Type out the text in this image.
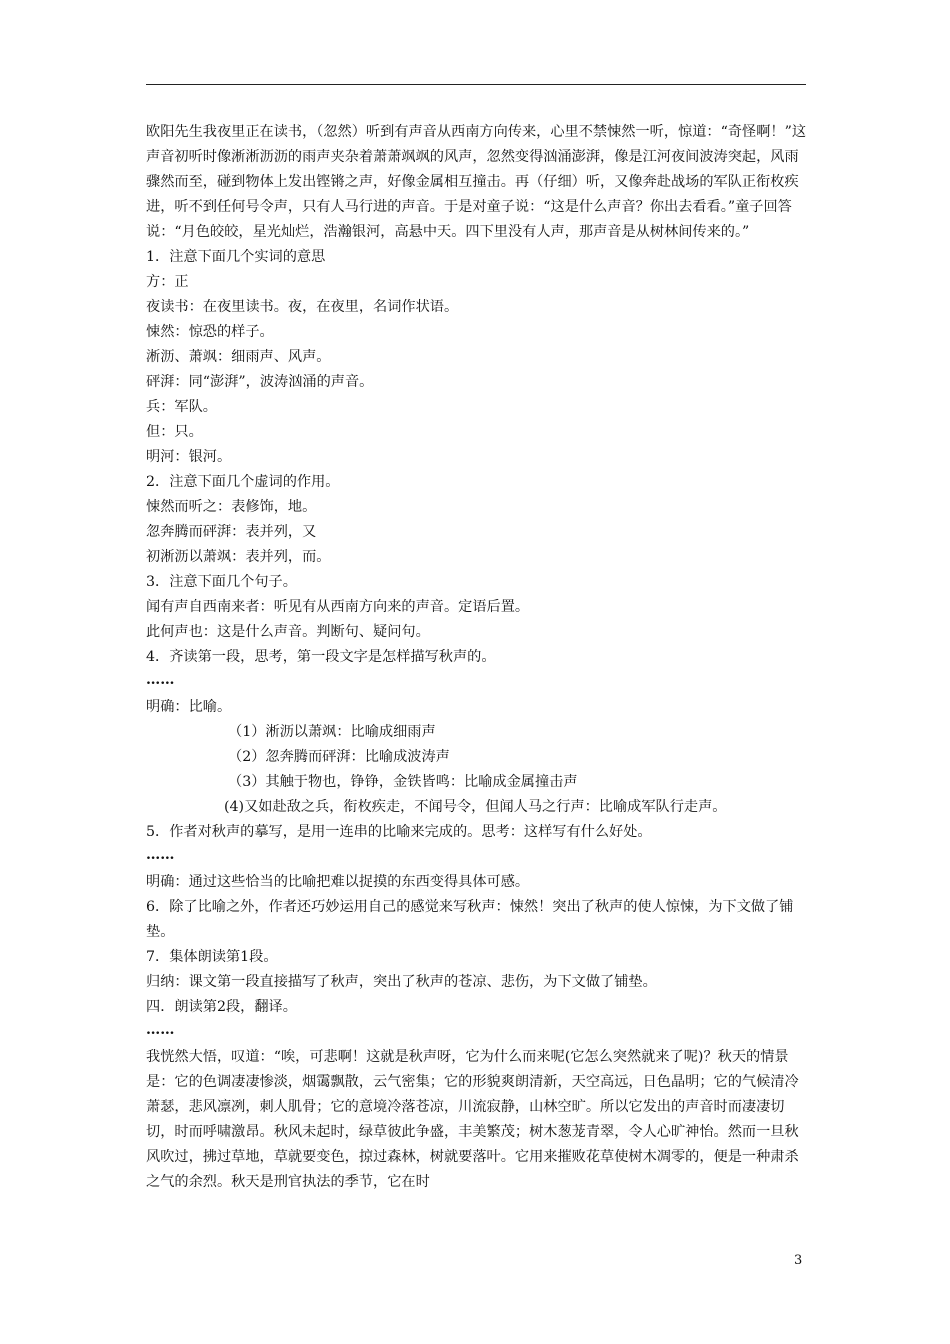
欧阳先生我夜里正在读书，（忽然）听到有声音从西南方向传来，心里不禁悚然一听，惊道：“奇怪啊！”这声音初听时像淅淅沥沥的雨声夹杂着萧萧飒飒的风声，忽然变得汹涌澎湃，像是江河夜间波涛突起，风雨骤然而至，碰到物体上发出铿锵之声，好像金属相互撞击。再（仔细）听，又像奔赴战场的军队正衔枚疾进，听不到任何号令声，只有人马行进的声音。于是对童子说：“这是什么声音？你出去看看。”童子回答说：“月色皎皎，星光灿烂，浩瀚银河，高悬中天。四下里没有人声，那声音是从树林间传来的。”

1．注意下面几个实词的意思

方：正

夜读书：在夜里读书。夜，在夜里，名词作状语。

悚然：惊恐的样子。

淅沥、萧飒：细雨声、风声。

砰湃：同“澎湃”，波涛汹涌的声音。

兵：军队。

但：只。

明河：银河。

2．注意下面几个虚词的作用。

悚然而听之：表修饰，地。

忽奔腾而砰湃：表并列，又

初淅沥以萧飒：表并列，而。

3．注意下面几个句子。

闻有声自西南来者：听见有从西南方向来的声音。定语后置。

此何声也：这是什么声音。判断句、疑问句。

4．齐读第一段，思考，第一段文字是怎样描写秋声的。

……

明确：比喻。

（1）淅沥以萧飒：比喻成细雨声

（2）忽奔腾而砰湃：比喻成波涛声

（3）其触于物也，铮铮，金铁皆鸣：比喻成金属撞击声

(4)又如赴敌之兵，衔枚疾走，不闻号令，但闻人马之行声：比喻成军队行走声。

5．作者对秋声的摹写，是用一连串的比喻来完成的。思考：这样写有什么好处。

……

明确：通过这些恰当的比喻把难以捉摸的东西变得具体可感。

6．除了比喻之外，作者还巧妙运用自己的感觉来写秋声：悚然！突出了秋声的使人惊悚，为下文做了铺垫。

7．集体朗读第1段。

归纳：课文第一段直接描写了秋声，突出了秋声的苍凉、悲伤，为下文做了铺垫。

四．朗读第2段，翻译。

……

我恍然大悟，叹道：“唉，可悲啊！这就是秋声呀，它为什么而来呢(它怎么突然就来了呢)？秋天的情景是：它的色调凄凄惨淡，烟霭飘散，云气密集；它的形貌爽朗清新，天空高远，日色晶明；它的气候清冷萧瑟，悲风凛冽，刺人肌骨；它的意境冷落苍凉，川流寂静，山林空旷。所以它发出的声音时而凄凄切切，时而呼啸激昂。秋风未起时，绿草彼此争盛，丰美繁茂；树木葱茏青翠，令人心旷神怡。然而一旦秋风吹过，拂过草地，草就要变色，掠过森林，树就要落叶。它用来摧败花草使树木凋零的，便是一种肃杀之气的余烈。秋天是刑官执法的季节，它在时

3
